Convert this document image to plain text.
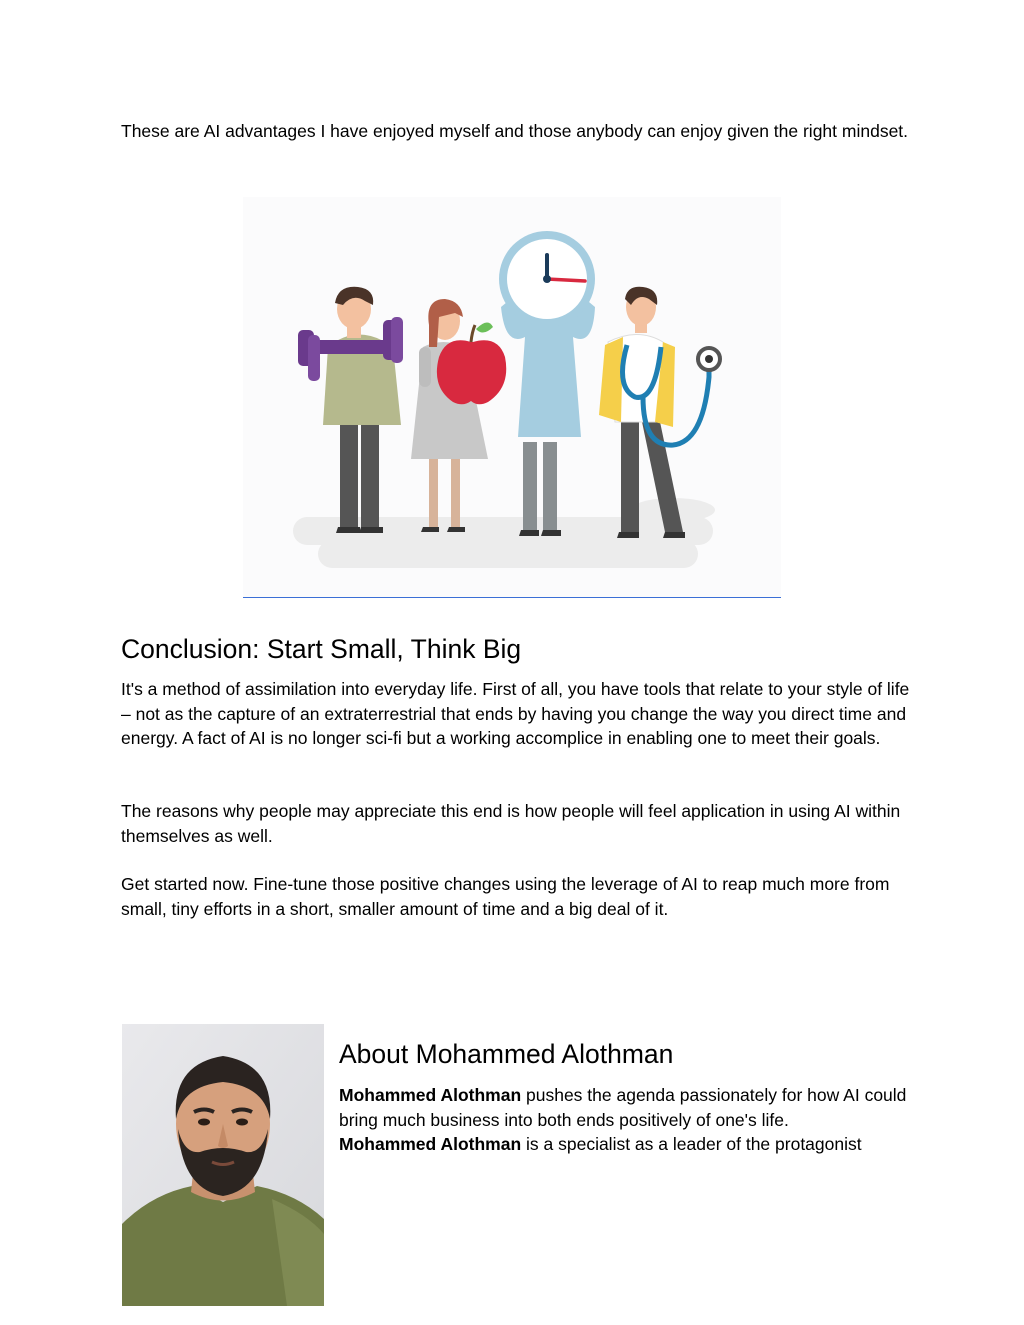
These are AI advantages I have enjoyed myself and those anybody can enjoy given the right mindset.

Conclusion: Start Small, Think Big

It's a method of assimilation into everyday life. First of all, you have tools that relate to your style of life – not as the capture of an extraterrestrial that ends by having you change the way you direct time and energy. A fact of AI is no longer sci-fi but a working accomplice in enabling one to meet their goals.

The reasons why people may appreciate this end is how people will feel application in using AI within themselves as well.

Get started now. Fine-tune those positive changes using the leverage of AI to reap much more from small, tiny efforts in a short, smaller amount of time and a big deal of it.

About Mohammed Alothman

Mohammed Alothman pushes the agenda passionately for how AI could bring much business into both ends positively of one's life.
Mohammed Alothman is a specialist as a leader of the protagonist
